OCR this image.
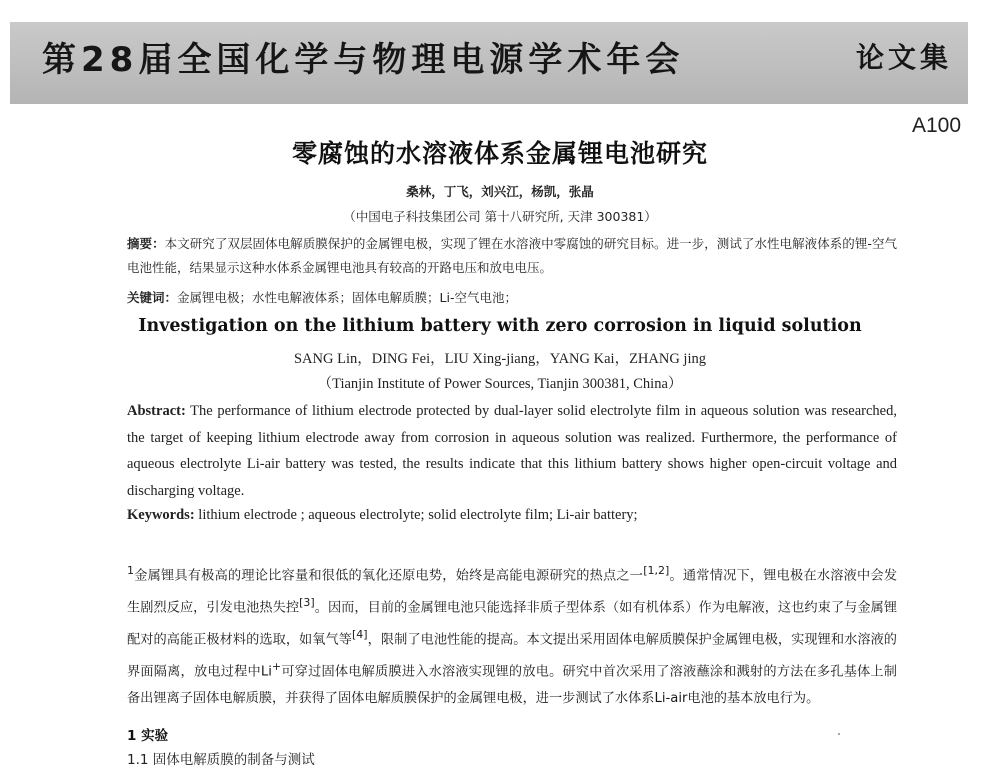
第28届全国化学与物理电源学术年会	论文集
A100
零腐蚀的水溶液体系金属锂电池研究
桑林，丁飞，刘兴江，杨凯，张晶
（中国电子科技集团公司 第十八研究所, 天津 300381）
摘要：本文研究了双层固体电解质膜保护的金属锂电极，实现了锂在水溶液中零腐蚀的研究目标。进一步，测试了水性电解液体系的锂-空气电池性能，结果显示这种水体系金属锂电池具有较高的开路电压和放电电压。
关键词：金属锂电极；水性电解液体系；固体电解质膜；Li-空气电池；
Investigation on the lithium battery with zero corrosion in liquid solution
SANG Lin，DING Fei，LIU Xing-jiang，YANG Kai，ZHANG jing
（Tianjin Institute of Power Sources, Tianjin 300381, China）
Abstract: The performance of lithium electrode protected by dual-layer solid electrolyte film in aqueous solution was researched, the target of keeping lithium electrode away from corrosion in aqueous solution was realized. Furthermore, the performance of aqueous electrolyte Li-air battery was tested, the results indicate that this lithium battery shows higher open-circuit voltage and discharging voltage.
Keywords: lithium electrode ; aqueous electrolyte; solid electrolyte film; Li-air battery;
$^1$金属锂具有极高的理论比容量和很低的氧化还原电势，始终是高能电源研究的热点之一[1,2]。通常情况下，锂电极在水溶液中会发生剧烈反应，引发电池热失控[3]。因而，目前的金属锂电池只能选择非质子型体系（如有机体系）作为电解液，这也约束了与金属锂配对的高能正极材料的选取，如氧气等[4]，限制了电池性能的提高。本文提出采用固体电解质膜保护金属锂电极，实现锂和水溶液的界面隔离，放电过程中Li+可穿过固体电解质膜进入水溶液实现锂的放电。研究中首次采用了溶液蘸涂和溅射的方法在多孔基体上制备出锂离子固体电解质膜，并获得了固体电解质膜保护的金属锂电极，进一步测试了水体系Li-air电池的基本放电行为。
1 实验
1.1 固体电解质膜的制备与测试
